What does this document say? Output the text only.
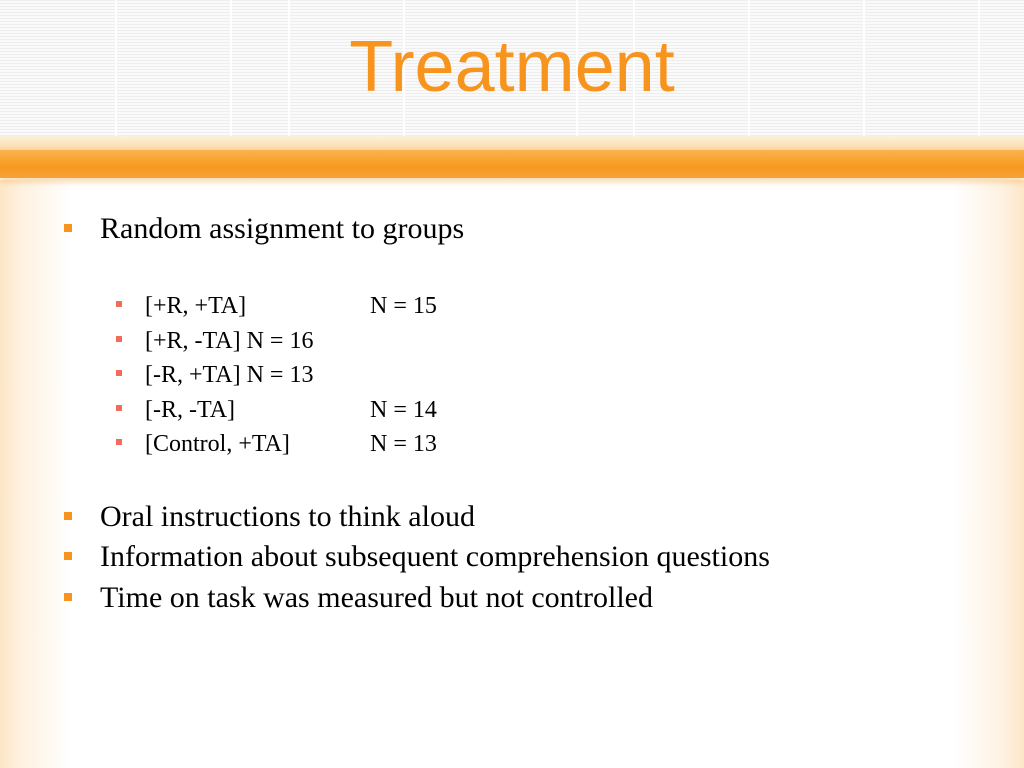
Treatment
Random assignment to groups
[+R, +TA]	N = 15
[+R, -TA] N = 16
[-R, +TA] N = 13
[-R, -TA]	N = 14
[Control, +TA]	N = 13
Oral instructions to think aloud
Information about subsequent comprehension questions
Time on task was measured but not controlled
